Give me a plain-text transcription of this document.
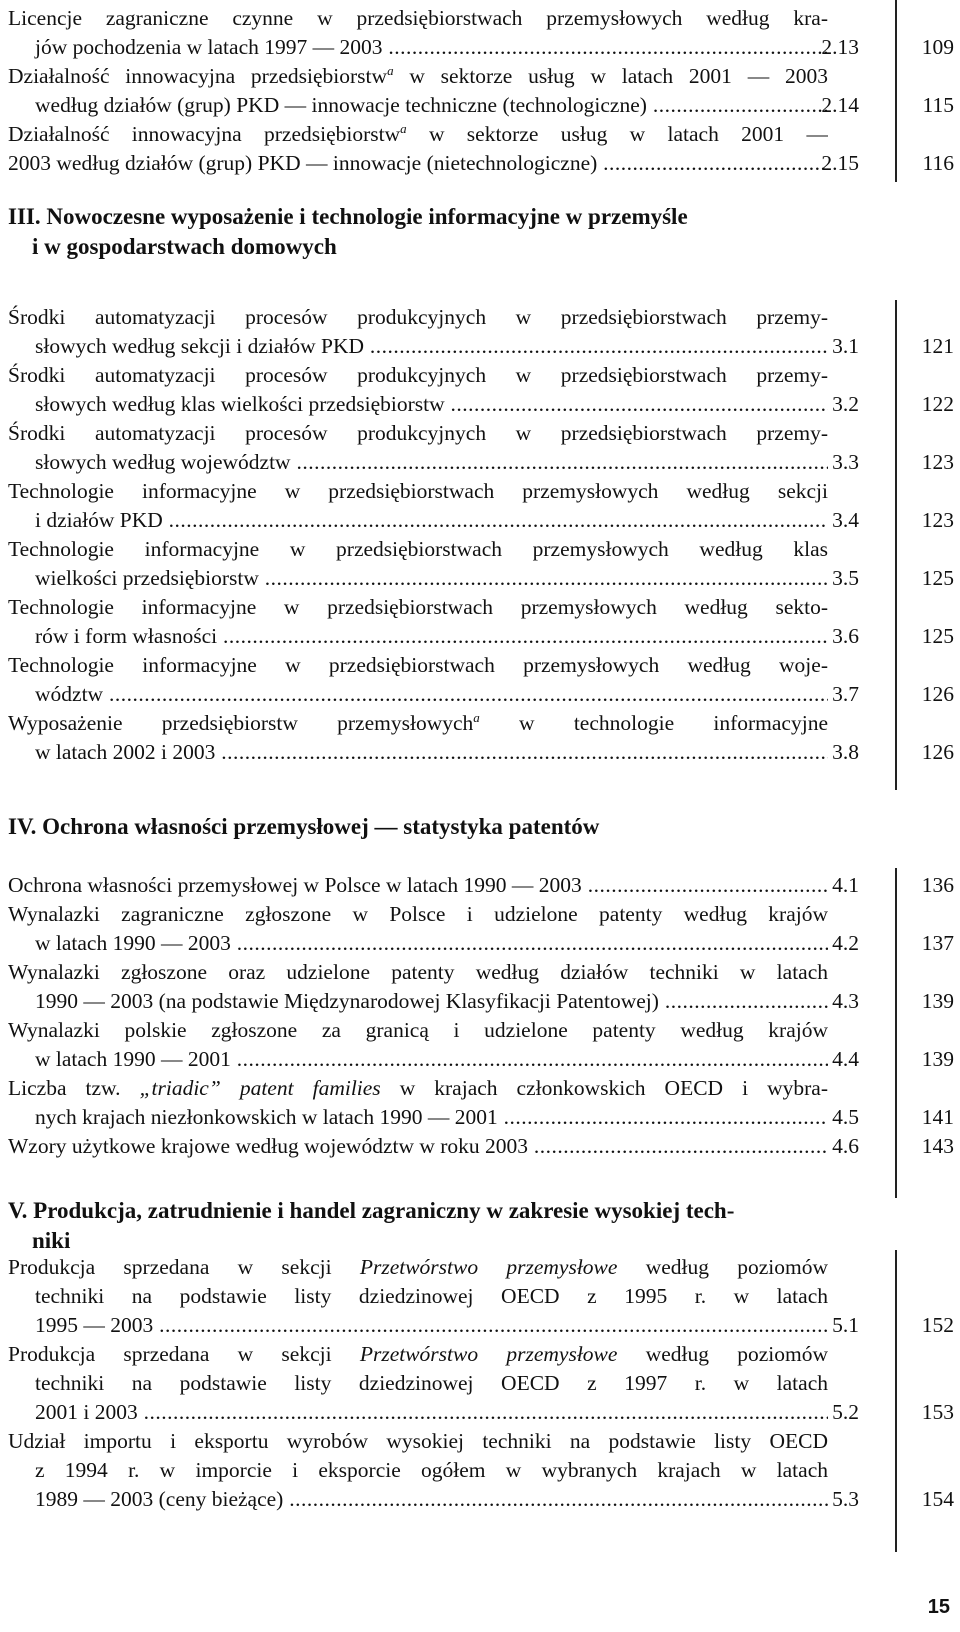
Licencje zagraniczne czynne w przedsiębiorstwach przemysłowych według kra-
jów pochodzenia w latach 1997 — 2003 .....	2.13	109
Działalność innowacyjna przedsiębiorstw$^a$ w sektorze usług w latach 2001 — 2003
według działów (grup) PKD — innowacje techniczne (technologiczne) .....	2.14	115
Działalność innowacyjna przedsiębiorstw$^a$ w sektorze usług w latach 2001 —
2003 według działów (grup) PKD — innowacje (nietechnologiczne) .....	2.15	116
III. Nowoczesne wyposażenie i technologie informacyjne w przemyśle
i w gospodarstwach domowych
Środki automatyzacji procesów produkcyjnych w przedsiębiorstwach przemy-
słowych według sekcji i działów PKD .....	3.1	121
Środki automatyzacji procesów produkcyjnych w przedsiębiorstwach przemy-
słowych według klas wielkości przedsiębiorstw .....	3.2	122
Środki automatyzacji procesów produkcyjnych w przedsiębiorstwach przemy-
słowych według województw .....	3.3	123
Technologie informacyjne w przedsiębiorstwach przemysłowych według sekcji
i działów PKD .....	3.4	123
Technologie informacyjne w przedsiębiorstwach przemysłowych według klas
wielkości przedsiębiorstw .....	3.5	125
Technologie informacyjne w przedsiębiorstwach przemysłowych według sekto-
rów i form własności .....	3.6	125
Technologie informacyjne w przedsiębiorstwach przemysłowych według woje-
wództw .....	3.7	126
Wyposażenie przedsiębiorstw przemysłowych$^a$ w technologie informacyjne
w latach 2002 i 2003 .....	3.8	126
IV. Ochrona własności przemysłowej — statystyka patentów
Ochrona własności przemysłowej w Polsce w latach 1990 — 2003 .....	4.1	136
Wynalazki zagraniczne zgłoszone w Polsce i udzielone patenty według krajów
w latach 1990 — 2003 .....	4.2	137
Wynalazki zgłoszone oraz udzielone patenty według działów techniki w latach
1990 — 2003 (na podstawie Międzynarodowej Klasyfikacji Patentowej) .....	4.3	139
Wynalazki polskie zgłoszone za granicą i udzielone patenty według krajów
w latach 1990 — 2001 .....	4.4	139
Liczba tzw. „triadic” patent families w krajach członkowskich OECD i wybra-
nych krajach niezłonkowskich w latach 1990 — 2001 .....	4.5	141
Wzory użytkowe krajowe według województw w roku 2003 .....	4.6	143
V. Produkcja, zatrudnienie i handel zagraniczny w zakresie wysokiej tech-
niki
Produkcja sprzedana w sekcji Przetwórstwo przemysłowe według poziomów
techniki na podstawie listy dziedzinowej OECD z 1995 r. w latach
1995 — 2003 .....	5.1	152
Produkcja sprzedana w sekcji Przetwórstwo przemysłowe według poziomów
techniki na podstawie listy dziedzinowej OECD z 1997 r. w latach
2001 i 2003 .....	5.2	153
Udział importu i eksportu wyrobów wysokiej techniki na podstawie listy OECD
z 1994 r. w imporcie i eksporcie ogółem w wybranych krajach w latach
1989 — 2003 (ceny bieżące) .....	5.3	154
15
